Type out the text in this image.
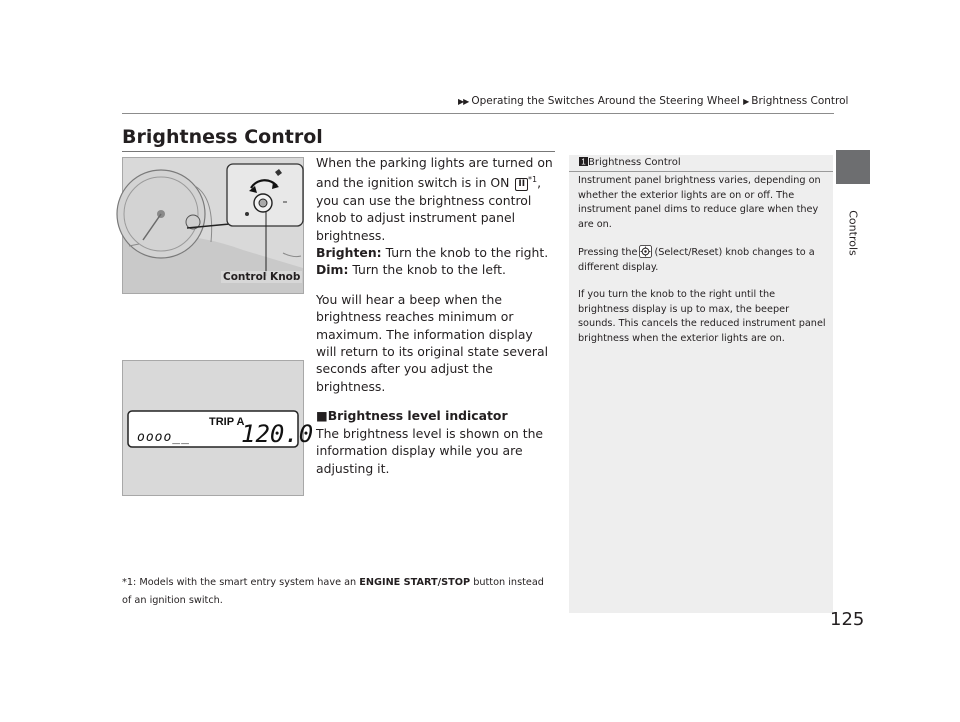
▶▶ Operating the Switches Around the Steering Wheel ▶ Brightness Control
Brightness Control
Controls
Control Knob
TRIP A
oooo__ 120.0

When the parking lights are turned on and the ignition switch is in ON II $^{*1}$, you can use the brightness control knob to adjust instrument panel brightness.

Brighten: Turn the knob to the right.

Dim: Turn the knob to the left.

You will hear a beep when the brightness reaches minimum or maximum. The information display will return to its original state several seconds after you adjust the brightness.

■Brightness level indicator

The brightness level is shown on the information display while you are adjusting it.

*1: Models with the smart entry system have an ENGINE START/STOP button instead of an ignition switch.
1 Brightness Control

Instrument panel brightness varies, depending on whether the exterior lights are on or off. The instrument panel dims to reduce glare when they are on.

Pressing the (Select/Reset) knob changes to a different display.

If you turn the knob to the right until the brightness display is up to max, the beeper sounds. This cancels the reduced instrument panel brightness when the exterior lights are on.

125
